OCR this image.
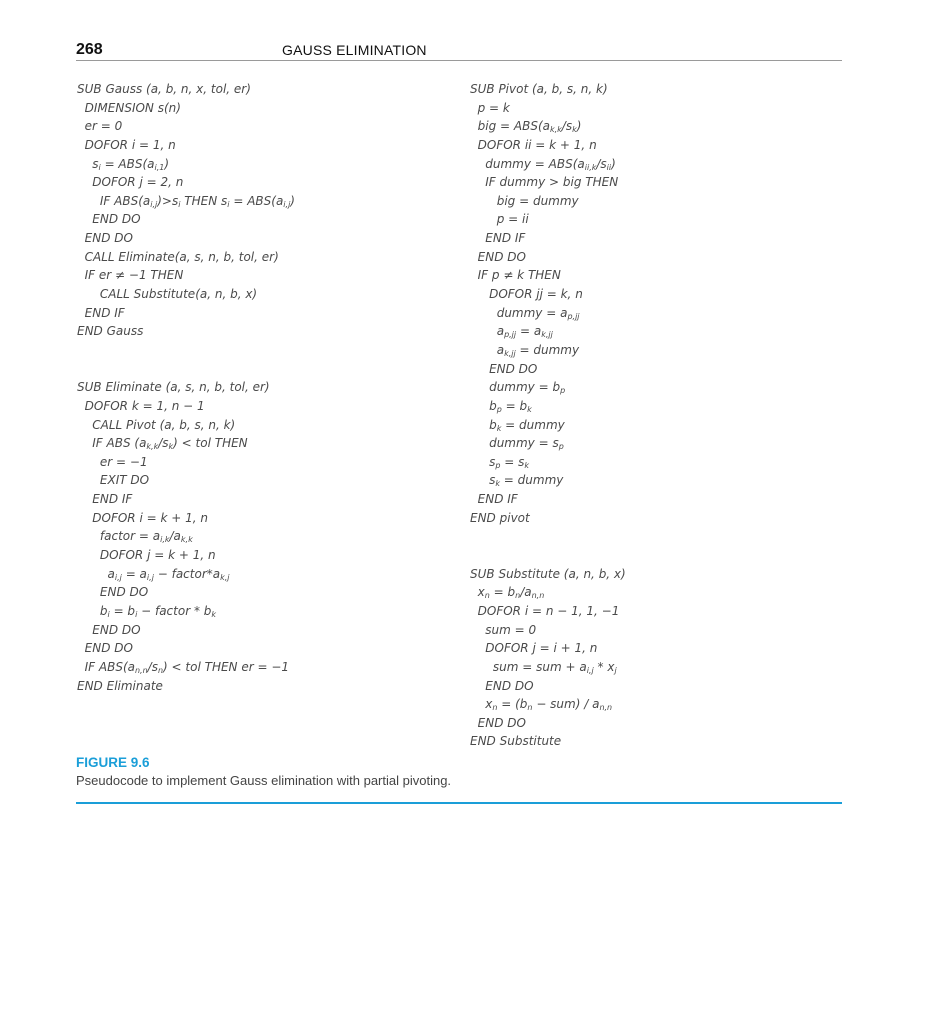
268	GAUSS ELIMINATION
SUB Gauss (a, b, n, x, tol, er)
DIMENSION s(n)
er = 0
DOFOR i = 1, n
$s_i = ABS(a_{i,1})$
DOFOR j = 2, n
IF $ABS(a_{i,j})>s_i$ THEN $s_i = ABS(a_{i,j})$
END DO
END DO
CALL Eliminate(a, s, n, b, tol, er)
IF er ≠ −1 THEN
CALL Substitute(a, n, b, x)
END IF
END Gauss
SUB Eliminate (a, s, n, b, tol, er)
DOFOR k = 1, n − 1
CALL Pivot (a, b, s, n, k)
IF ABS $(a_{k,k}/s_k)$ < tol THEN
er = −1
EXIT DO
END IF
DOFOR i = k + 1, n
factor = $a_{i,k}/a_{k,k}$
DOFOR j = k + 1, n
$a_{i,j} = a_{i,j}$ − $factor*a_{k,j}$
END DO
$b_i = b_i$ − factor * $b_k$
END DO
END DO
IF $ABS(a_{n,n}/s_n)$ < tol THEN er = −1
END Eliminate
SUB Pivot (a, b, s, n, k)
p = k
big = $ABS(a_{k,k}/s_k)$
DOFOR ii = k + 1, n
dummy = $ABS(a_{ii,k}/s_{ii})$
IF dummy > big THEN
big = dummy
p = ii
END IF
END DO
IF p ≠ k THEN
DOFOR jj = k, n
dummy = $a_{p,jj}$
$a_{p,jj} = a_{k,jj}$
$a_{k,jj}$ = dummy
END DO
dummy = $b_p$
$b_p = b_k$
$b_k$ = dummy
dummy = $s_p$
$s_p = s_k$
$s_k$ = dummy
END IF
END pivot
SUB Substitute (a, n, b, x)
$x_n = b_n/a_{n,n}$
DOFOR i = n − 1, 1, −1
sum = 0
DOFOR j = i + 1, n
sum = sum + $a_{i,j} * x_j$
END DO
$x_n = (b_n - sum) / a_{n,n}$
END DO
END Substitute
FIGURE 9.6
Pseudocode to implement Gauss elimination with partial pivoting.
